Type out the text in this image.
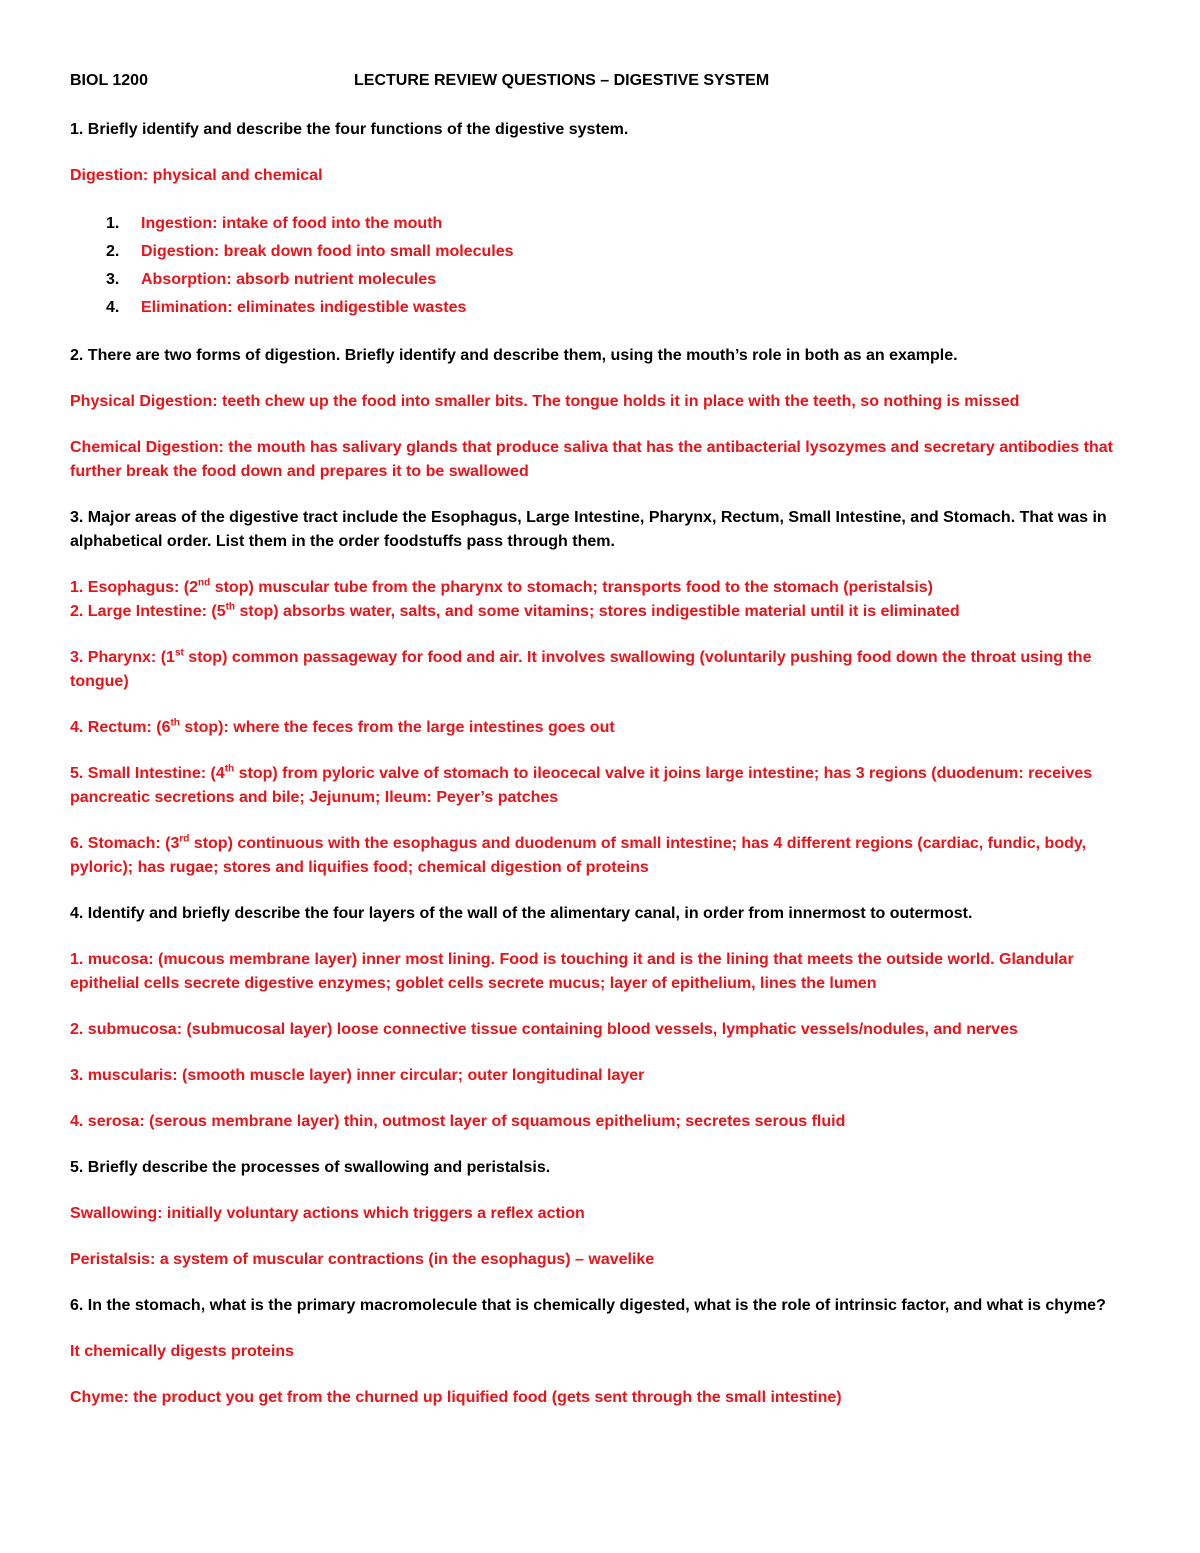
BIOL 1200	LECTURE REVIEW QUESTIONS – DIGESTIVE SYSTEM

1. Briefly identify and describe the four functions of the digestive system.

Digestion: physical and chemical

1. Ingestion: intake of food into the mouth
2. Digestion: break down food into small molecules
3. Absorption: absorb nutrient molecules
4. Elimination: eliminates indigestible wastes

2. There are two forms of digestion. Briefly identify and describe them, using the mouth’s role in both as an example.

Physical Digestion: teeth chew up the food into smaller bits. The tongue holds it in place with the teeth, so nothing is missed

Chemical Digestion: the mouth has salivary glands that produce saliva that has the antibacterial lysozymes and secretary antibodies that further break the food down and prepares it to be swallowed

3. Major areas of the digestive tract include the Esophagus, Large Intestine, Pharynx, Rectum, Small Intestine, and Stomach. That was in alphabetical order. List them in the order foodstuffs pass through them.

1. Esophagus: (2nd stop) muscular tube from the pharynx to stomach; transports food to the stomach (peristalsis)

2. Large Intestine: (5th stop) absorbs water, salts, and some vitamins; stores indigestible material until it is eliminated

3. Pharynx: (1st stop) common passageway for food and air. It involves swallowing (voluntarily pushing food down the throat using the tongue)

4. Rectum: (6th stop): where the feces from the large intestines goes out

5. Small Intestine: (4th stop) from pyloric valve of stomach to ileocecal valve it joins large intestine; has 3 regions (duodenum: receives pancreatic secretions and bile; Jejunum; Ileum: Peyer’s patches

6. Stomach: (3rd stop) continuous with the esophagus and duodenum of small intestine; has 4 different regions (cardiac, fundic, body, pyloric); has rugae; stores and liquifies food; chemical digestion of proteins

4. Identify and briefly describe the four layers of the wall of the alimentary canal, in order from innermost to outermost.

1. mucosa: (mucous membrane layer) inner most lining. Food is touching it and is the lining that meets the outside world. Glandular epithelial cells secrete digestive enzymes; goblet cells secrete mucus; layer of epithelium, lines the lumen

2. submucosa: (submucosal layer) loose connective tissue containing blood vessels, lymphatic vessels/nodules, and nerves

3. muscularis: (smooth muscle layer) inner circular; outer longitudinal layer

4. serosa: (serous membrane layer) thin, outmost layer of squamous epithelium; secretes serous fluid

5. Briefly describe the processes of swallowing and peristalsis.

Swallowing: initially voluntary actions which triggers a reflex action

Peristalsis: a system of muscular contractions (in the esophagus) – wavelike

6. In the stomach, what is the primary macromolecule that is chemically digested, what is the role of intrinsic factor, and what is chyme?

It chemically digests proteins

Chyme: the product you get from the churned up liquified food (gets sent through the small intestine)
